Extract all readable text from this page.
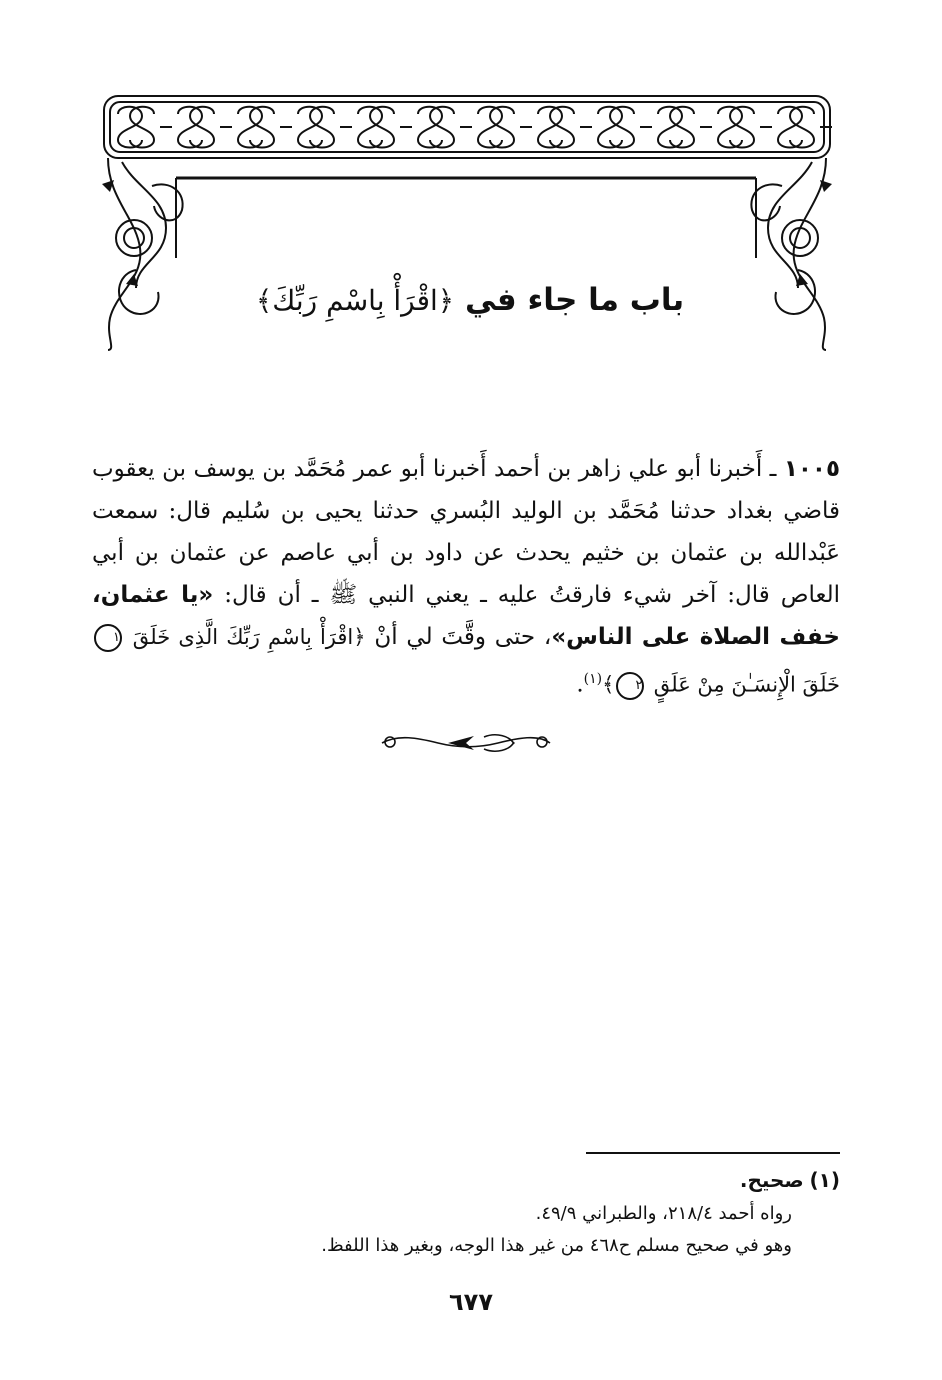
باب ما جاء في ﴿اقْرَأْ بِاسْمِ رَبِّكَ﴾

١٠٠٥ ـ أَخبرنا أبو علي زاهر بن أحمد أَخبرنا أبو عمر مُحَمَّد بن يوسف بن يعقوب قاضي بغداد حدثنا مُحَمَّد بن الوليد البُسري حدثنا يحيى بن سُليم قال: سمعت عَبْدالله بن عثمان بن خثيم يحدث عن داود بن أبي عاصم عن عثمان بن أبي العاص قال: آخر شيء فارقتُ عليه ـ يعني النبي ﷺ ـ أن قال: «يا عثمان، خفف الصلاة على الناس»، حتى وقَّتَ لي أنْ ﴿اقْرَأْ بِاسْمِ رَبِّكَ الَّذِى خَلَقَ ١ خَلَقَ الْإِنسَـٰنَ مِنْ عَلَقٍ ٢﴾$^{(١)}$.

(١) صحيح.

رواه أحمد ٢١٨/٤، والطبراني ٤٩/٩.

وهو في صحيح مسلم ح٤٦٨ من غير هذا الوجه، وبغير هذا اللفظ.

٦٧٧
